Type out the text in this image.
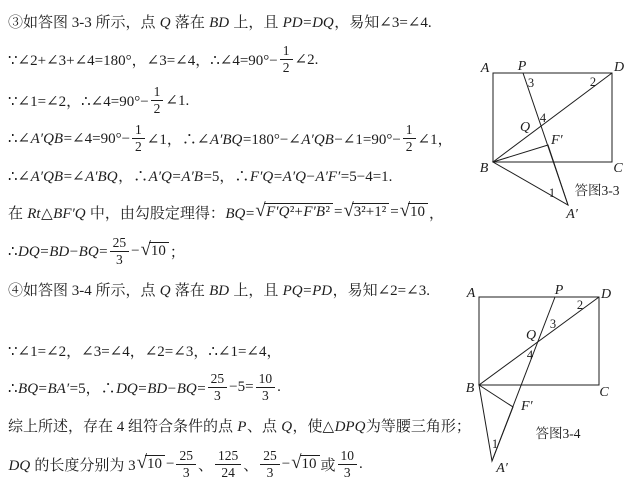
③如答图 3-3 所示，点 Q 落在 BD 上，且 PD=DQ，易知∠3=∠4.
∵∠2+∠3+∠4=180°，∠3=∠4，∴∠4=90°− $\frac{1}{2}$ ∠2.
∵∠1=∠2，∴∠4=90°− $\frac{1}{2}$ ∠1.
∴∠A′QB=∠4=90°− $\frac{1}{2}$ ∠1，∴∠A′BQ=180°−∠A′QB−∠1=90°− $\frac{1}{2}$ ∠1，
∴∠A′QB=∠A′BQ，∴A′Q=A′B=5，∴F′Q=A′Q−A′F′=5−4=1.
在 Rt△BF′Q 中，由勾股定理得：BQ= √ F′Q²+F′B² = √ 3²+1² = √ 10 ，
∴DQ=BD−BQ= $\frac{25}{3}$ − √ 10 ；
④如答图 3-4 所示，点 Q 落在 BD 上，且 PQ=PD，易知∠2=∠3.
∵∠1=∠2，∠3=∠4，∠2=∠3，∴∠1=∠4，
∴BQ=BA′=5，∴DQ=BD−BQ= $\frac{25}{3} -5= \frac{10}{3}$ .
综上所述，存在 4 组符合条件的点 P、点 Q，使△DPQ为等腰三角形；
DQ 的长度分别为 3 √ $10 - \frac{25}{3}$ 、 $\frac{125}{24}$ 、 $\frac{25}{3}$ − √ 10 或 $\frac{10}{3}$ .
A P	D
B	C
Q
F′
A′
3	2
4
1 答图3-3
A	P	D
B	C
Q
F′
A′
3
2
4
1
答图3-4
